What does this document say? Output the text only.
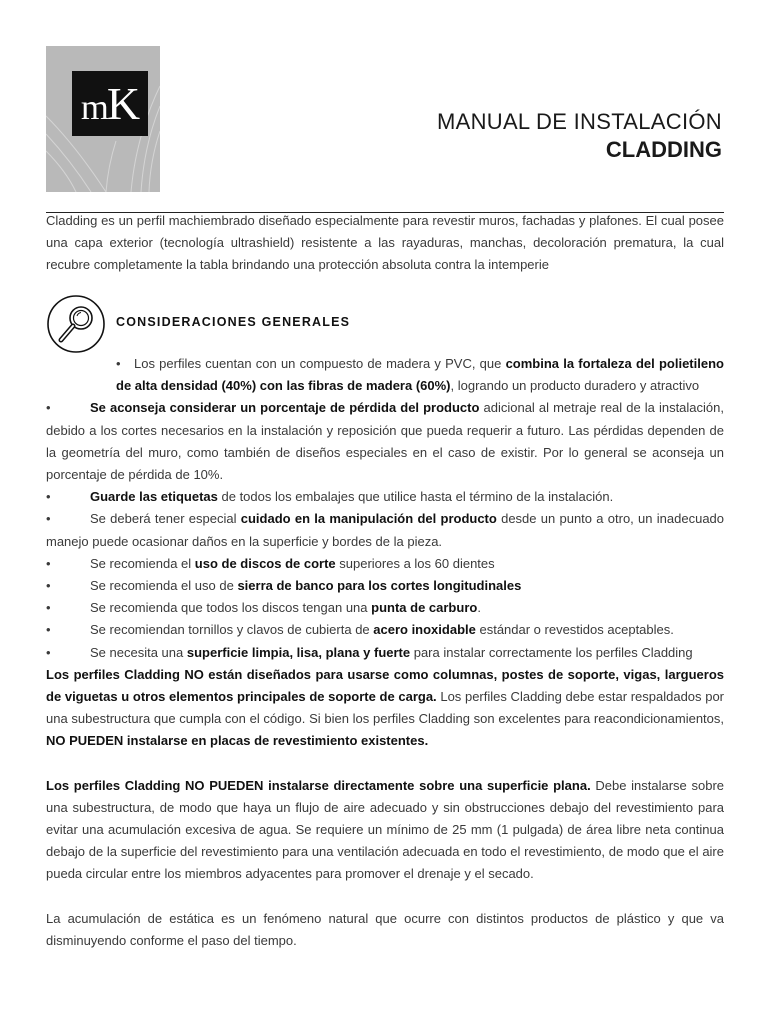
m K	MANUAL DE INSTALACIÓN
CLADDING
Cladding es un perfil machiembrado diseñado especialmente para revestir muros, fachadas y plafones. El cual posee una capa exterior (tecnología ultrashield) resistente a las rayaduras, manchas, decoloración prematura, la cual recubre completamente la tabla brindando una protección absoluta contra la intemperie
CONSIDERACIONES GENERALES

• Los perfiles cuentan con un compuesto de madera y PVC, que combina la fortaleza del polietileno de alta densidad (40%) con las fibras de madera (60%), logrando un producto duradero y atractivo

•	Se aconseja considerar un porcentaje de pérdida del producto adicional al metraje real de la instalación, debido a los cortes necesarios en la instalación y reposición que pueda requerir a futuro. Las pérdidas dependen de la geometría del muro, como también de diseños especiales en el caso de existir. Por lo general se aconseja un porcentaje de pérdida de 10%.

•	Guarde las etiquetas de todos los embalajes que utilice hasta el término de la instalación.

•	Se deberá tener especial cuidado en la manipulación del producto desde un punto a otro, un inadecuado manejo puede ocasionar daños en la superficie y bordes de la pieza.

•	Se recomienda el uso de discos de corte superiores a los 60 dientes

•	Se recomienda el uso de sierra de banco para los cortes longitudinales

•	Se recomienda que todos los discos tengan una punta de carburo.

•	Se recomiendan tornillos y clavos de cubierta de acero inoxidable estándar o revestidos aceptables.

•	Se necesita una superficie limpia, lisa, plana y fuerte para instalar correctamente los perfiles Cladding

Los perfiles Cladding NO están diseñados para usarse como columnas, postes de soporte, vigas, largueros de viguetas u otros elementos principales de soporte de carga. Los perfiles Cladding debe estar respaldados por una subestructura que cumpla con el código. Si bien los perfiles Cladding son excelentes para reacondicionamientos, NO PUEDEN instalarse en placas de revestimiento existentes.

Los perfiles Cladding NO PUEDEN instalarse directamente sobre una superficie plana. Debe instalarse sobre una subestructura, de modo que haya un flujo de aire adecuado y sin obstrucciones debajo del revestimiento para evitar una acumulación excesiva de agua. Se requiere un mínimo de 25 mm (1 pulgada) de área libre neta continua debajo de la superficie del revestimiento para una ventilación adecuada en todo el revestimiento, de modo que el aire pueda circular entre los miembros adyacentes para promover el drenaje y el secado.

La acumulación de estática es un fenómeno natural que ocurre con distintos productos de plástico y que va disminuyendo conforme el paso del tiempo.
